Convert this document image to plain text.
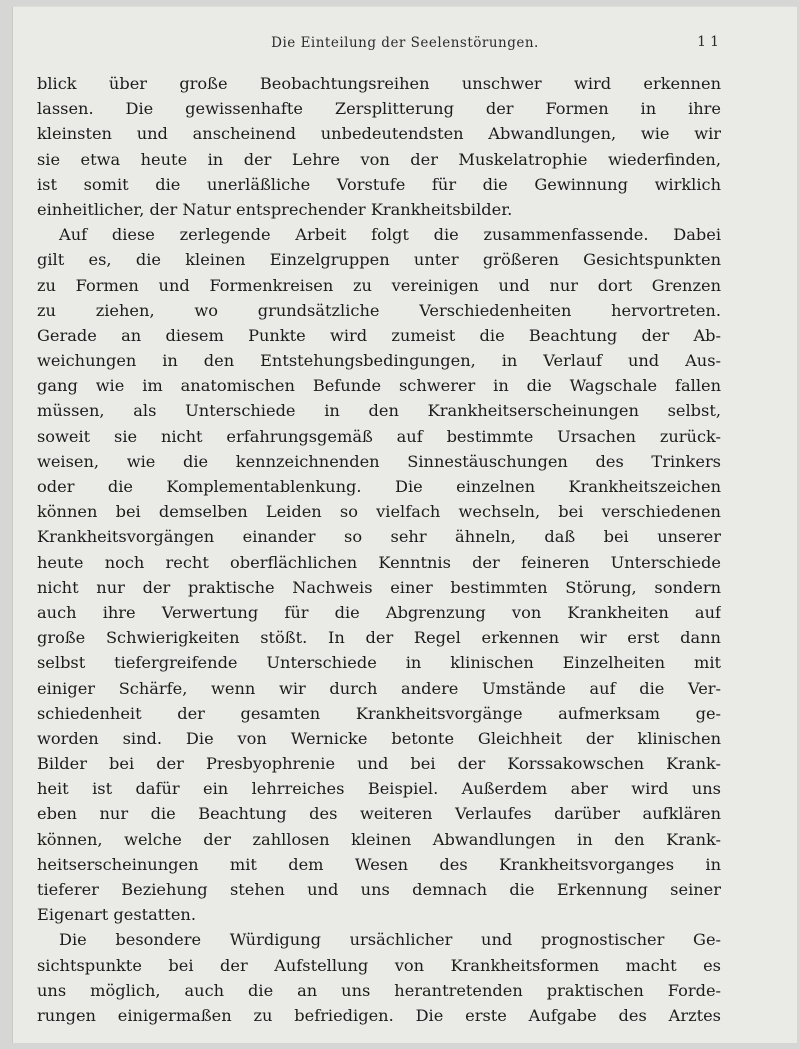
Die Einteilung der Seelenstörungen.	11
blick über große Beobachtungsreihen unschwer wird erkennen
lassen. Die gewissenhafte Zersplitterung der Formen in ihre
kleinsten und anscheinend unbedeutendsten Abwandlungen, wie wir
sie etwa heute in der Lehre von der Muskelatrophie wiederfinden,
ist somit die unerläßliche Vorstufe für die Gewinnung wirklich
einheitlicher, der Natur entsprechender Krankheitsbilder.
Auf diese zerlegende Arbeit folgt die zusammenfassende. Dabei
gilt es, die kleinen Einzelgruppen unter größeren Gesichtspunkten
zu Formen und Formenkreisen zu vereinigen und nur dort Grenzen
zu ziehen, wo grundsätzliche Verschiedenheiten hervortreten.
Gerade an diesem Punkte wird zumeist die Beachtung der Ab-
weichungen in den Entstehungsbedingungen, in Verlauf und Aus-
gang wie im anatomischen Befunde schwerer in die Wagschale fallen
müssen, als Unterschiede in den Krankheitserscheinungen selbst,
soweit sie nicht erfahrungsgemäß auf bestimmte Ursachen zurück-
weisen, wie die kennzeichnenden Sinnestäuschungen des Trinkers
oder die Komplementablenkung. Die einzelnen Krankheitszeichen
können bei demselben Leiden so vielfach wechseln, bei verschiedenen
Krankheitsvorgängen einander so sehr ähneln, daß bei unserer
heute noch recht oberflächlichen Kenntnis der feineren Unterschiede
nicht nur der praktische Nachweis einer bestimmten Störung, sondern
auch ihre Verwertung für die Abgrenzung von Krankheiten auf
große Schwierigkeiten stößt. In der Regel erkennen wir erst dann
selbst tiefergreifende Unterschiede in klinischen Einzelheiten mit
einiger Schärfe, wenn wir durch andere Umstände auf die Ver-
schiedenheit der gesamten Krankheitsvorgänge aufmerksam ge-
worden sind. Die von Wernicke betonte Gleichheit der klinischen
Bilder bei der Presbyophrenie und bei der Korssakowschen Krank-
heit ist dafür ein lehrreiches Beispiel. Außerdem aber wird uns
eben nur die Beachtung des weiteren Verlaufes darüber aufklären
können, welche der zahllosen kleinen Abwandlungen in den Krank-
heitserscheinungen mit dem Wesen des Krankheitsvorganges in
tieferer Beziehung stehen und uns demnach die Erkennung seiner
Eigenart gestatten.
Die besondere Würdigung ursächlicher und prognostischer Ge-
sichtspunkte bei der Aufstellung von Krankheitsformen macht es
uns möglich, auch die an uns herantretenden praktischen Forde-
rungen einigermaßen zu befriedigen. Die erste Aufgabe des Arztes
